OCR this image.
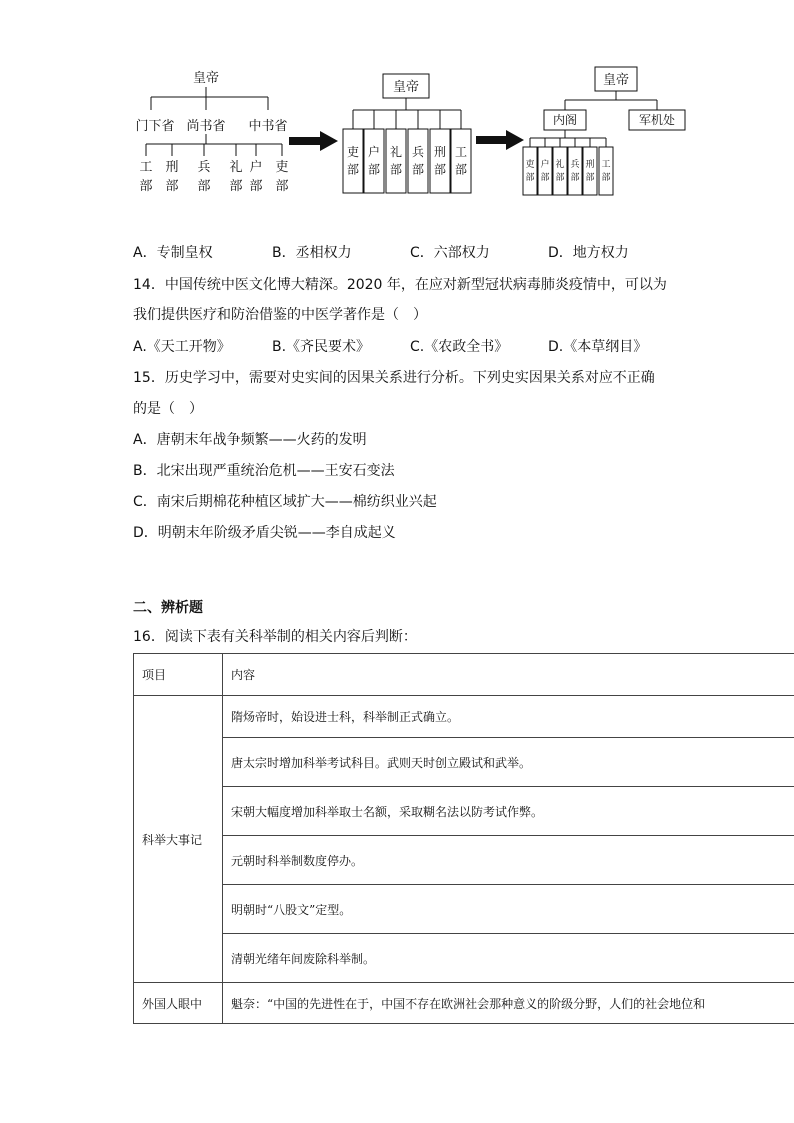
皇帝
门下省 尚书省 中书省
工部
刑部
兵部
礼部
户部
吏部
皇帝
吏部
户部
礼部
兵部
刑部
工部
皇帝
内阁	军机处
吏部
户部
礼部
兵部
刑部
工部
A．专制皇权	B．丞相权力	C．六部权力	D．地方权力
14．中国传统中医文化博大精深。2020 年，在应对新型冠状病毒肺炎疫情中，可以为
我们提供医疗和防治借鉴的中医学著作是（　）
A.《天工开物》	B.《齐民要术》	C.《农政全书》	D.《本草纲目》
15．历史学习中，需要对史实间的因果关系进行分析。下列史实因果关系对应不正确
的是（　）
A．唐朝末年战争频繁——火药的发明
B．北宋出现严重统治危机——王安石变法
C．南宋后期棉花种植区域扩大——棉纺织业兴起
D．明朝末年阶级矛盾尖锐——李自成起义
二、辨析题
16．阅读下表有关科举制的相关内容后判断：
项目	内容
科举大事记	隋炀帝时，始设进士科，科举制正式确立。
	唐太宗时增加科举考试科目。武则天时创立殿试和武举。
	宋朝大幅度增加科举取士名额，采取糊名法以防考试作弊。
	元朝时科举制数度停办。
	明朝时“八股文”定型。
	清朝光绪年间废除科举制。
外国人眼中	魁奈：“中国的先进性在于，中国不存在欧洲社会那种意义的阶级分野，人们的社会地位和
